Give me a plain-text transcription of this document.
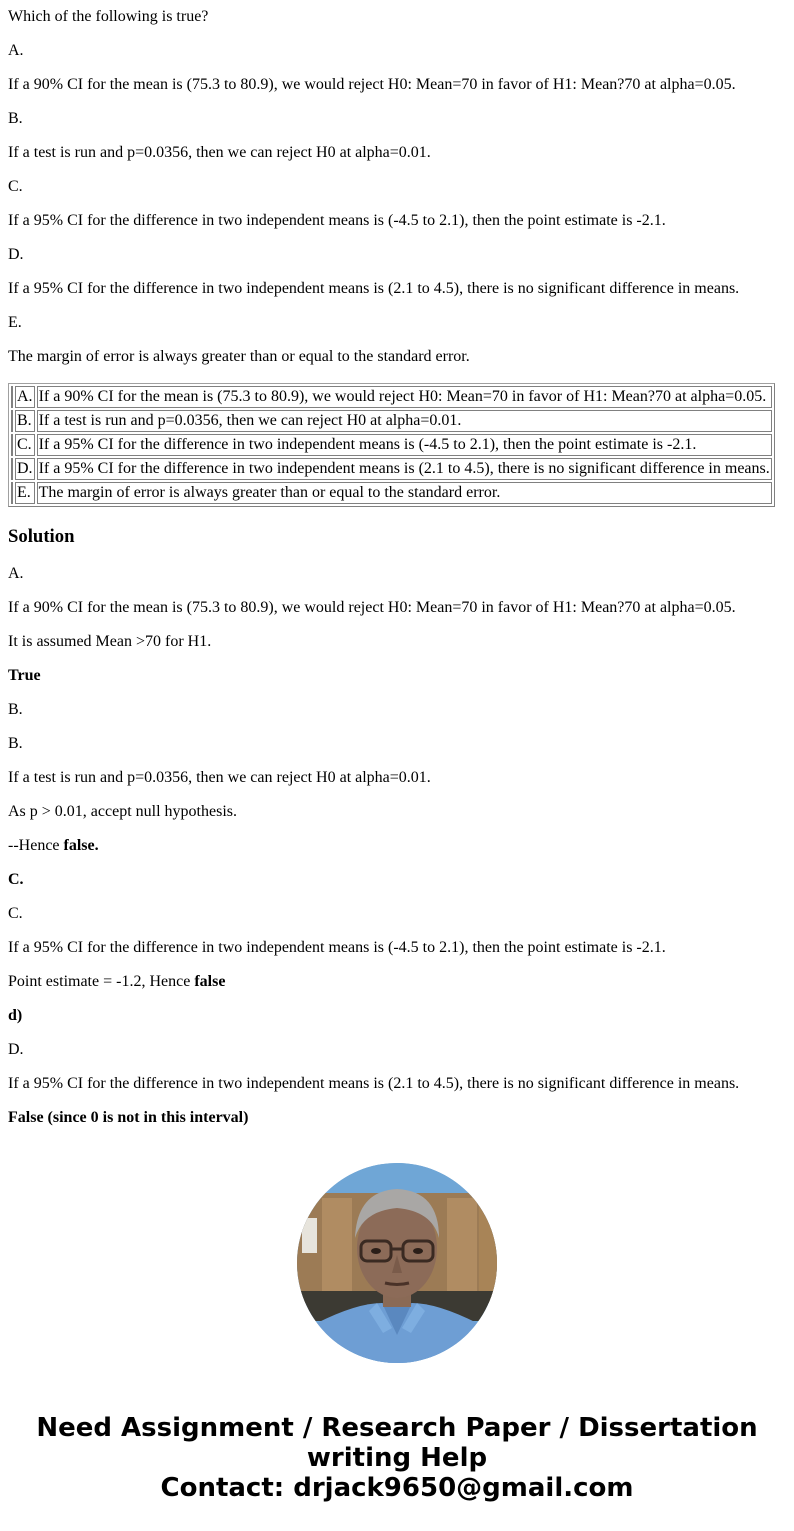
Which of the following is true?

A.

If a 90% CI for the mean is (75.3 to 80.9), we would reject H0: Mean=70 in favor of H1: Mean?70 at alpha=0.05.

B.

If a test is run and p=0.0356, then we can reject H0 at alpha=0.01.

C.

If a 95% CI for the difference in two independent means is (-4.5 to 2.1), then the point estimate is -2.1.

D.

If a 95% CI for the difference in two independent means is (2.1 to 4.5), there is no significant difference in means.

E.

The margin of error is always greater than or equal to the standard error.

	A.	If a 90% CI for the mean is (75.3 to 80.9), we would reject H0: Mean=70 in favor of H1: Mean?70 at alpha=0.05.
	B.	If a test is run and p=0.0356, then we can reject H0 at alpha=0.01.
	C.	If a 95% CI for the difference in two independent means is (-4.5 to 2.1), then the point estimate is -2.1.
	D.	If a 95% CI for the difference in two independent means is (2.1 to 4.5), there is no significant difference in means.
	E.	The margin of error is always greater than or equal to the standard error.
Solution

A.

If a 90% CI for the mean is (75.3 to 80.9), we would reject H0: Mean=70 in favor of H1: Mean?70 at alpha=0.05.

It is assumed Mean >70 for H1.

True

B.

B.

If a test is run and p=0.0356, then we can reject H0 at alpha=0.01.

As p > 0.01, accept null hypothesis.

--Hence false.

C.

C.

If a 95% CI for the difference in two independent means is (-4.5 to 2.1), then the point estimate is -2.1.

Point estimate = -1.2, Hence false

d)

D.

If a 95% CI for the difference in two independent means is (2.1 to 4.5), there is no significant difference in means.

False (since 0 is not in this interval)

Need Assignment / Research Paper / Dissertation
writing Help
Contact: drjack9650@gmail.com
